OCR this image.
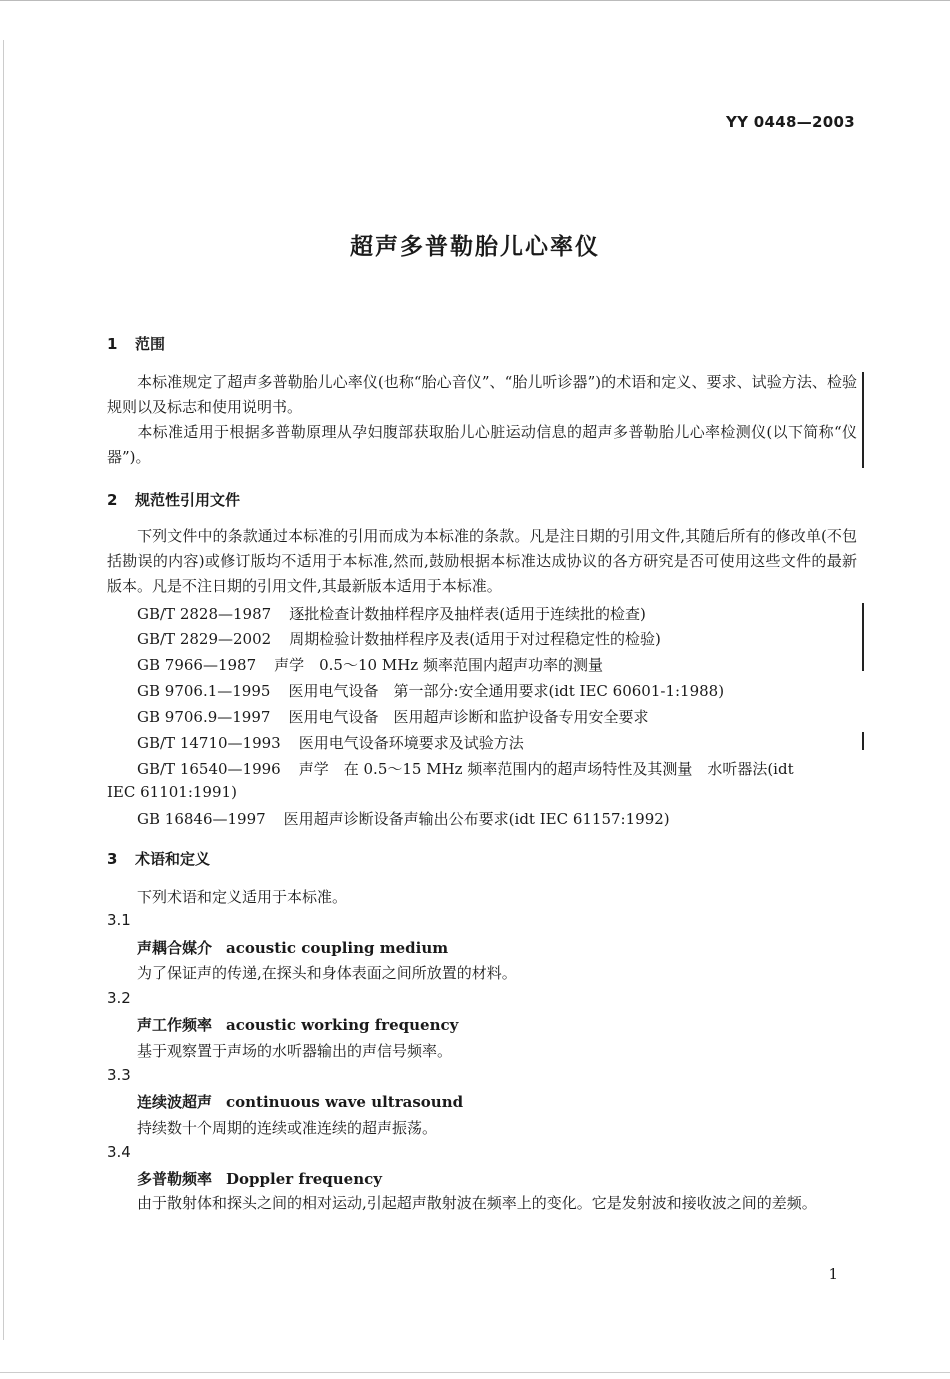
YY 0448—2003
超声多普勒胎儿心率仪
1 范围
本标准规定了超声多普勒胎儿心率仪(也称“胎心音仪”、“胎儿听诊器”)的术语和定义、要求、试验方法、检验规则以及标志和使用说明书。
本标准适用于根据多普勒原理从孕妇腹部获取胎儿心脏运动信息的超声多普勒胎儿心率检测仪(以下简称“仪器”)。
2 规范性引用文件
下列文件中的条款通过本标准的引用而成为本标准的条款。凡是注日期的引用文件,其随后所有的修改单(不包括勘误的内容)或修订版均不适用于本标准,然而,鼓励根据本标准达成协议的各方研究是否可使用这些文件的最新版本。凡是不注日期的引用文件,其最新版本适用于本标准。
GB/T 2828—1987 逐批检查计数抽样程序及抽样表(适用于连续批的检查)
GB/T 2829—2002 周期检验计数抽样程序及表(适用于对过程稳定性的检验)
GB 7966—1987 声学　0.5～10 MHz 频率范围内超声功率的测量
GB 9706.1—1995 医用电气设备　第一部分:安全通用要求(idt IEC 60601-1:1988)
GB 9706.9—1997 医用电气设备　医用超声诊断和监护设备专用安全要求
GB/T 14710—1993 医用电气设备环境要求及试验方法
GB/T 16540—1996 声学　在 0.5～15 MHz 频率范围内的超声场特性及其测量　水听器法(idt
IEC 61101:1991)
GB 16846—1997 医用超声诊断设备声输出公布要求(idt IEC 61157:1992)
3 术语和定义
下列术语和定义适用于本标准。
3.1
声耦合媒介 acoustic coupling medium
为了保证声的传递,在探头和身体表面之间所放置的材料。
3.2
声工作频率 acoustic working frequency
基于观察置于声场的水听器输出的声信号频率。
3.3
连续波超声 continuous wave ultrasound
持续数十个周期的连续或准连续的超声振荡。
3.4
多普勒频率 Doppler frequency
由于散射体和探头之间的相对运动,引起超声散射波在频率上的变化。它是发射波和接收波之间的差频。
1
